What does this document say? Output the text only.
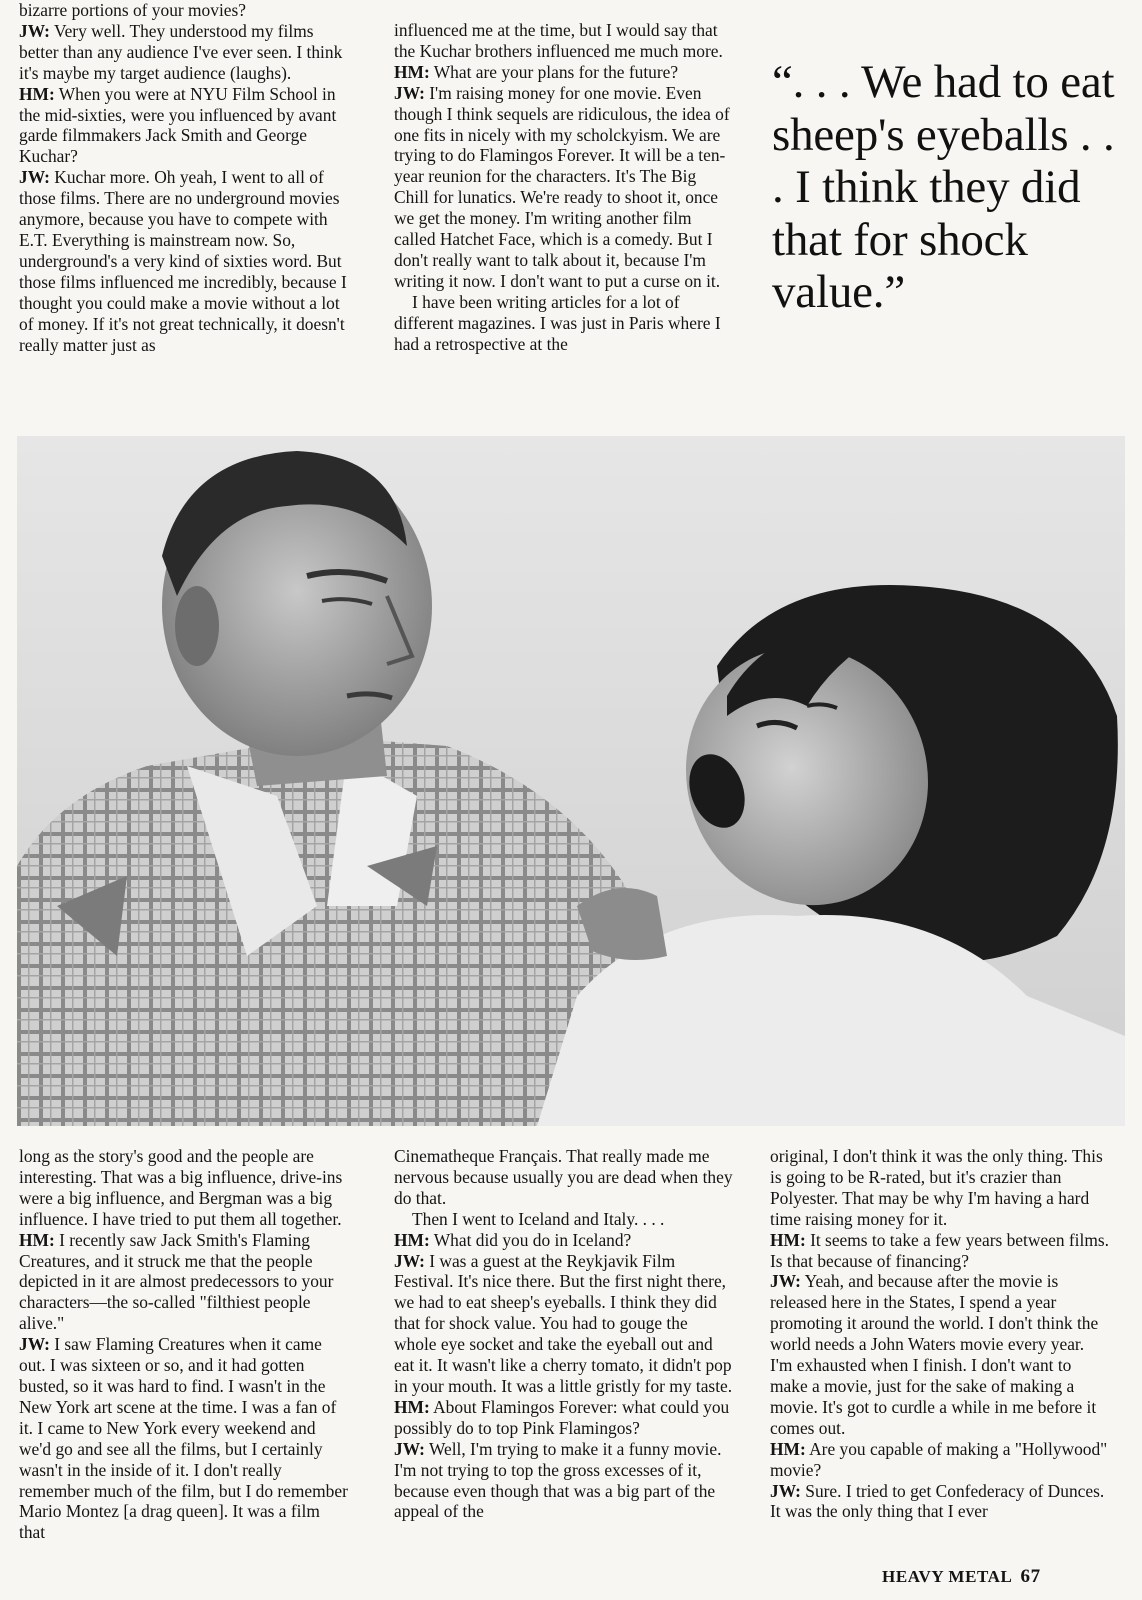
bizarre portions of your movies?

JW: Very well. They understood my films better than any audience I've ever seen. I think it's maybe my target audience (laughs).

HM: When you were at NYU Film School in the mid-sixties, were you influenced by avant garde filmmakers Jack Smith and George Kuchar?

JW: Kuchar more. Oh yeah, I went to all of those films. There are no underground movies anymore, because you have to compete with E.T. Everything is mainstream now. So, underground's a very kind of sixties word. But those films influenced me incredibly, because I thought you could make a movie without a lot of money. If it's not great technically, it doesn't really matter just as

influenced me at the time, but I would say that the Kuchar brothers influenced me much more.

HM: What are your plans for the future?

JW: I'm raising money for one movie. Even though I think sequels are ridiculous, the idea of one fits in nicely with my scholckyism. We are trying to do Flamingos Forever. It will be a ten-year reunion for the characters. It's The Big Chill for lunatics. We're ready to shoot it, once we get the money. I'm writing another film called Hatchet Face, which is a comedy. But I don't really want to talk about it, because I'm writing it now. I don't want to put a curse on it.

I have been writing articles for a lot of different magazines. I was just in Paris where I had a retrospective at the

“. . . We had to eat sheep's eyeballs . . . I think they did that for shock value.”

long as the story's good and the people are interesting. That was a big influence, drive-ins were a big influence, and Bergman was a big influence. I have tried to put them all together.

HM: I recently saw Jack Smith's Flaming Creatures, and it struck me that the people depicted in it are almost predecessors to your characters—the so-called "filthiest people alive."

JW: I saw Flaming Creatures when it came out. I was sixteen or so, and it had gotten busted, so it was hard to find. I wasn't in the New York art scene at the time. I was a fan of it. I came to New York every weekend and we'd go and see all the films, but I certainly wasn't in the inside of it. I don't really remember much of the film, but I do remember Mario Montez [a drag queen]. It was a film that

Cinematheque Français. That really made me nervous because usually you are dead when they do that.

Then I went to Iceland and Italy. . . .

HM: What did you do in Iceland?

JW: I was a guest at the Reykjavik Film Festival. It's nice there. But the first night there, we had to eat sheep's eyeballs. I think they did that for shock value. You had to gouge the whole eye socket and take the eyeball out and eat it. It wasn't like a cherry tomato, it didn't pop in your mouth. It was a little gristly for my taste.

HM: About Flamingos Forever: what could you possibly do to top Pink Flamingos?

JW: Well, I'm trying to make it a funny movie. I'm not trying to top the gross excesses of it, because even though that was a big part of the appeal of the

original, I don't think it was the only thing. This is going to be R-rated, but it's crazier than Polyester. That may be why I'm having a hard time raising money for it.

HM: It seems to take a few years between films. Is that because of financing?

JW: Yeah, and because after the movie is released here in the States, I spend a year promoting it around the world. I don't think the world needs a John Waters movie every year. I'm exhausted when I finish. I don't want to make a movie, just for the sake of making a movie. It's got to curdle a while in me before it comes out.

HM: Are you capable of making a "Hollywood" movie?

JW: Sure. I tried to get Confederacy of Dunces. It was the only thing that I ever

HEAVY METAL 67
